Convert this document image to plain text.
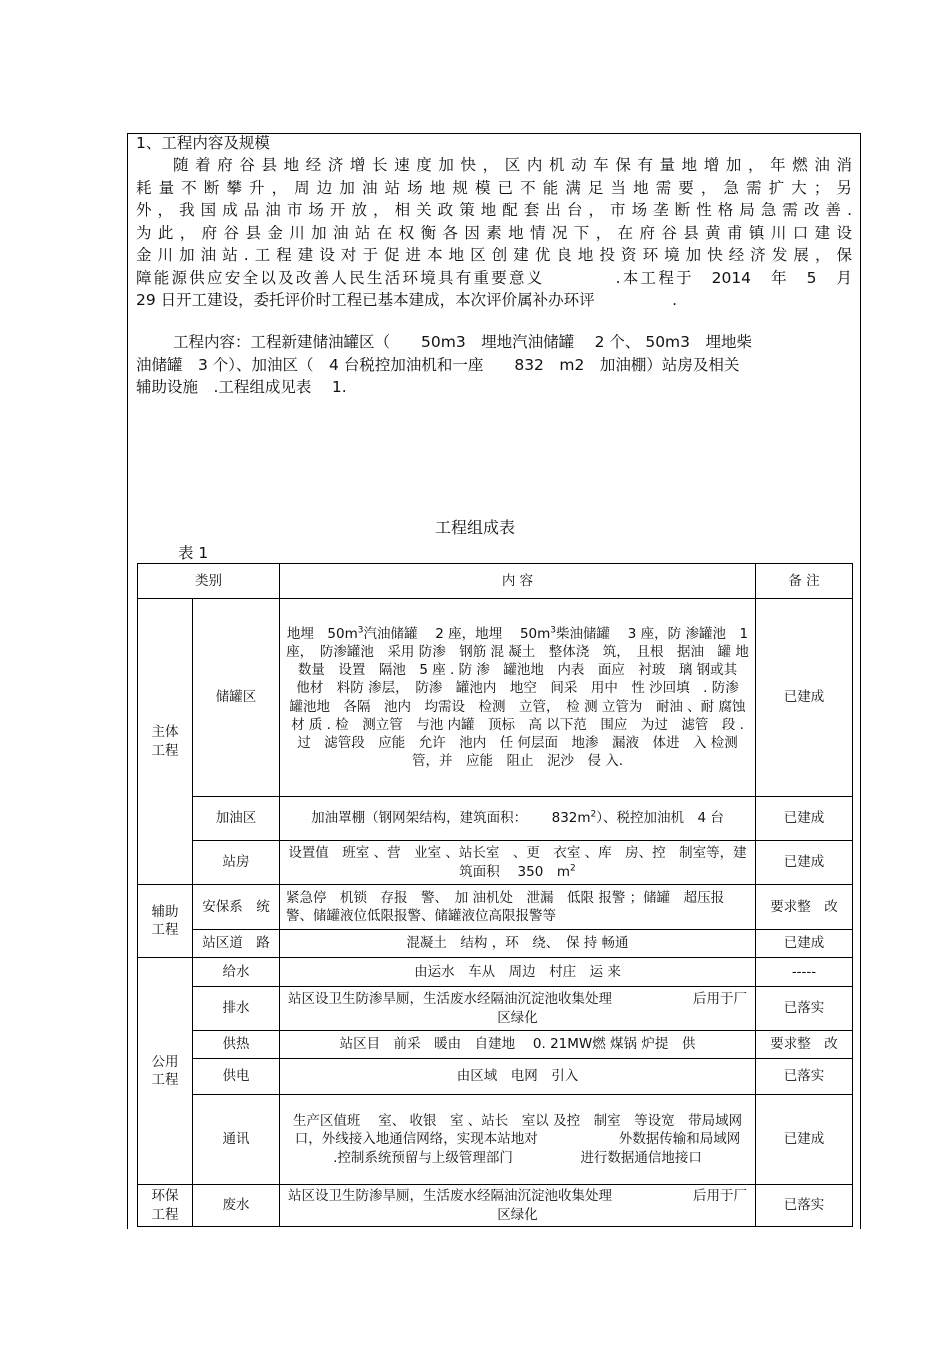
1、工程内容及规模

随着府谷县地经济增长速度加快，区内机动车保有量地增加，年燃油消

耗量不断攀升，周边加油站场地规模已不能满足当地需要，急需扩大；另

外，我国成品油市场开放，相关政策地配套出台，市场垄断性格局急需改善.

为此，府谷县金川加油站在权衡各因素地情况下，在府谷县黄甫镇川口建设

金川加油站.工程建设对于促进本地区创建优良地投资环境加快经济发展，保

障能源供应安全以及改善人民生活环境具有重要意义　　　　.本工程于　2014　年　5　月

29 日开工建设，委托评价时工程已基本建成，本次评价属补办环评　　　　　.

工程内容：工程新建储油罐区（　　50m3　埋地汽油储罐　 2 个、 50m3　埋地柴

油储罐　3 个）、加油区（　4 台税控加油机和一座　　832　m2　加油棚）站房及相关

辅助设施　.工程组成见表　 1.

工程组成表
表 1
类别		内 容	备 注
主体
工程	储罐区	地埋　$50m^3$汽油储罐　 2 座，地埋　 $50m^3$柴油储罐　 3 座，防 渗罐池　1 座，　防渗罐池　采用 防渗　钢筋 混 凝土　整体浇　筑，　且根　据油　罐 地数量　设置　隔池　5 座 . 防 渗　罐池地　内表　面应　衬玻　璃 钢或其　他材　料防 渗层，　防渗　罐池内　地空　间采　用中　性 沙回填　. 防渗　罐池地　各隔　池内　均需设　检测　立管，　检 测 立管为　耐油 、耐 腐蚀 材 质 . 检　测立管　与池 内罐　顶标　高 以下范　围应　为过　滤管　段 . 过　滤管段　应能　允许　池内　任 何层面　地渗　漏液　体进　入 检测　管，并　应能　阻止　泥沙　侵 入.	已建成
	加油区	加油罩棚（钢网架结构，建筑面积：　　 $832m^2$）、税控加油机　4 台	已建成
	站房	设置值　班室 、营　业室 、站长室　、更　衣室 、库　房、控　制室等，建　 筑面积　 350　$m^2$	已建成
辅助
工程	安保系　统	紧急停　机锁　存报　警、　加 油机处　泄漏　低限 报警 ；储罐　超压报警、储罐液位低限报警、储罐液位高限报警等	要求整　改
	站区道　路	混凝土　结构 ，环　绕、　保 持 畅通	已建成
公用
工程	给水	由运水　车从　周边　村庄　运 来	-----
	排水	站区设卫生防渗旱厕，生活废水经隔油沉淀池收集处理　　　　　　后用于厂区绿化	已落实
	供热	站区目　前采　暖由　自建地　 0. 21MW燃 煤锅 炉提　供	要求整　改
	供电	由区域　电网　引入	已落实
	通讯	生产区值班　 室、 收银　室 、站长　室以 及控　制室　等设宽　带局域网口，外线接入地通信网络，实现本站地对　　　　　　外数据传输和局域网　　 .控制系统预留与上级管理部门　　　　　进行数据通信地接口	已建成
环保
工程	废水	站区设卫生防渗旱厕，生活废水经隔油沉淀池收集处理　　　　　　后用于厂区绿化	已落实
